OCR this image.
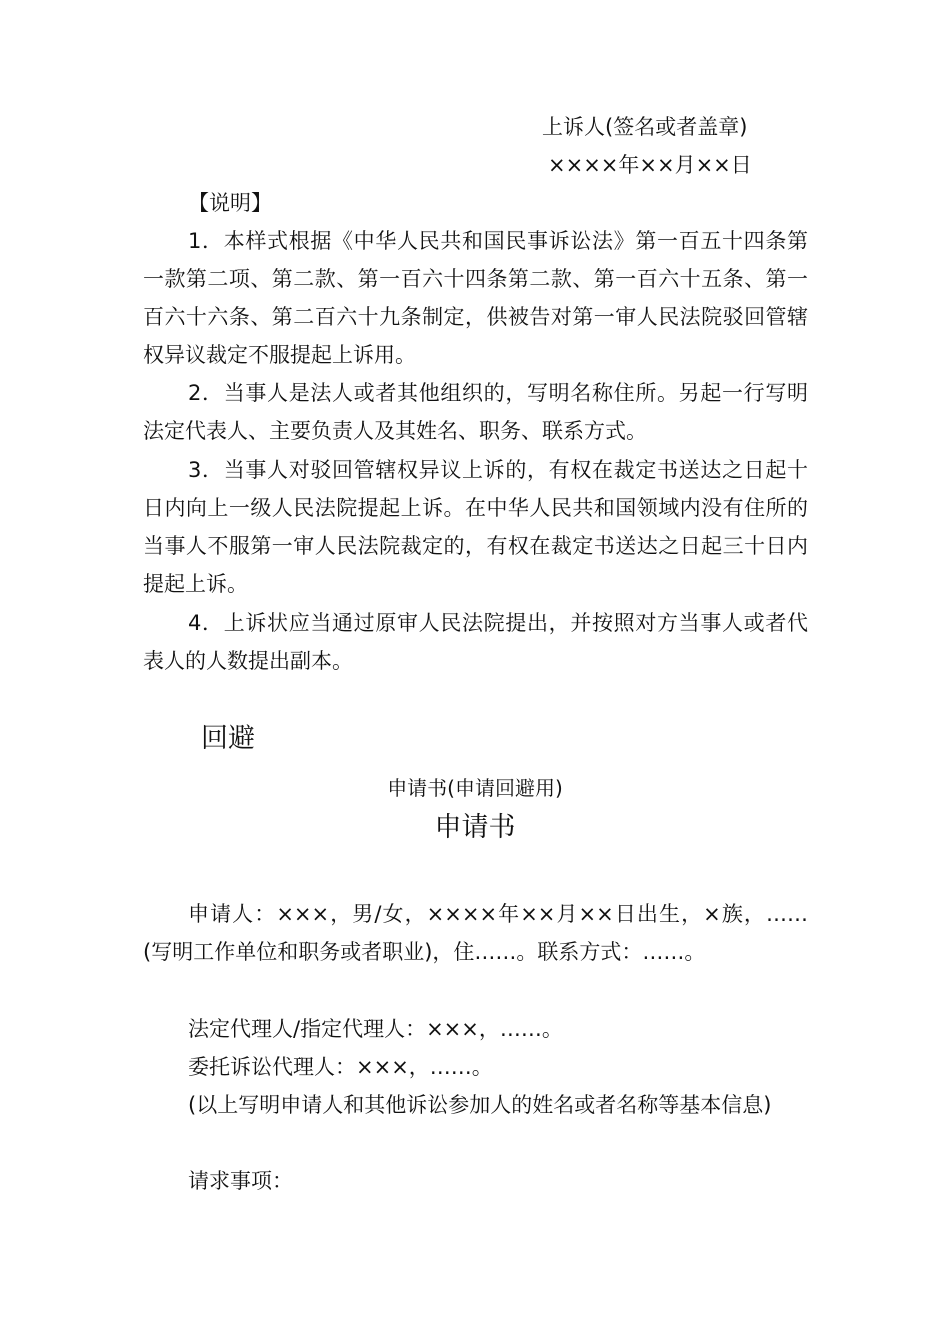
上诉人(签名或者盖章)
××××年××月××日
【说明】

1．本样式根据《中华人民共和国民事诉讼法》第一百五十四条第一款第二项、第二款、第一百六十四条第二款、第一百六十五条、第一百六十六条、第二百六十九条制定，供被告对第一审人民法院驳回管辖权异议裁定不服提起上诉用。

2．当事人是法人或者其他组织的，写明名称住所。另起一行写明法定代表人、主要负责人及其姓名、职务、联系方式。

3．当事人对驳回管辖权异议上诉的，有权在裁定书送达之日起十日内向上一级人民法院提起上诉。在中华人民共和国领域内没有住所的当事人不服第一审人民法院裁定的，有权在裁定书送达之日起三十日内提起上诉。

4．上诉状应当通过原审人民法院提出，并按照对方当事人或者代表人的人数提出副本。

回避
申请书(申请回避用)
申请书

申请人：×××，男/女，××××年××月××日出生，×族，……(写明工作单位和职务或者职业)，住……。联系方式：……。

法定代理人/指定代理人：×××，……。

委托诉讼代理人：×××，……。

(以上写明申请人和其他诉讼参加人的姓名或者名称等基本信息)

请求事项：
